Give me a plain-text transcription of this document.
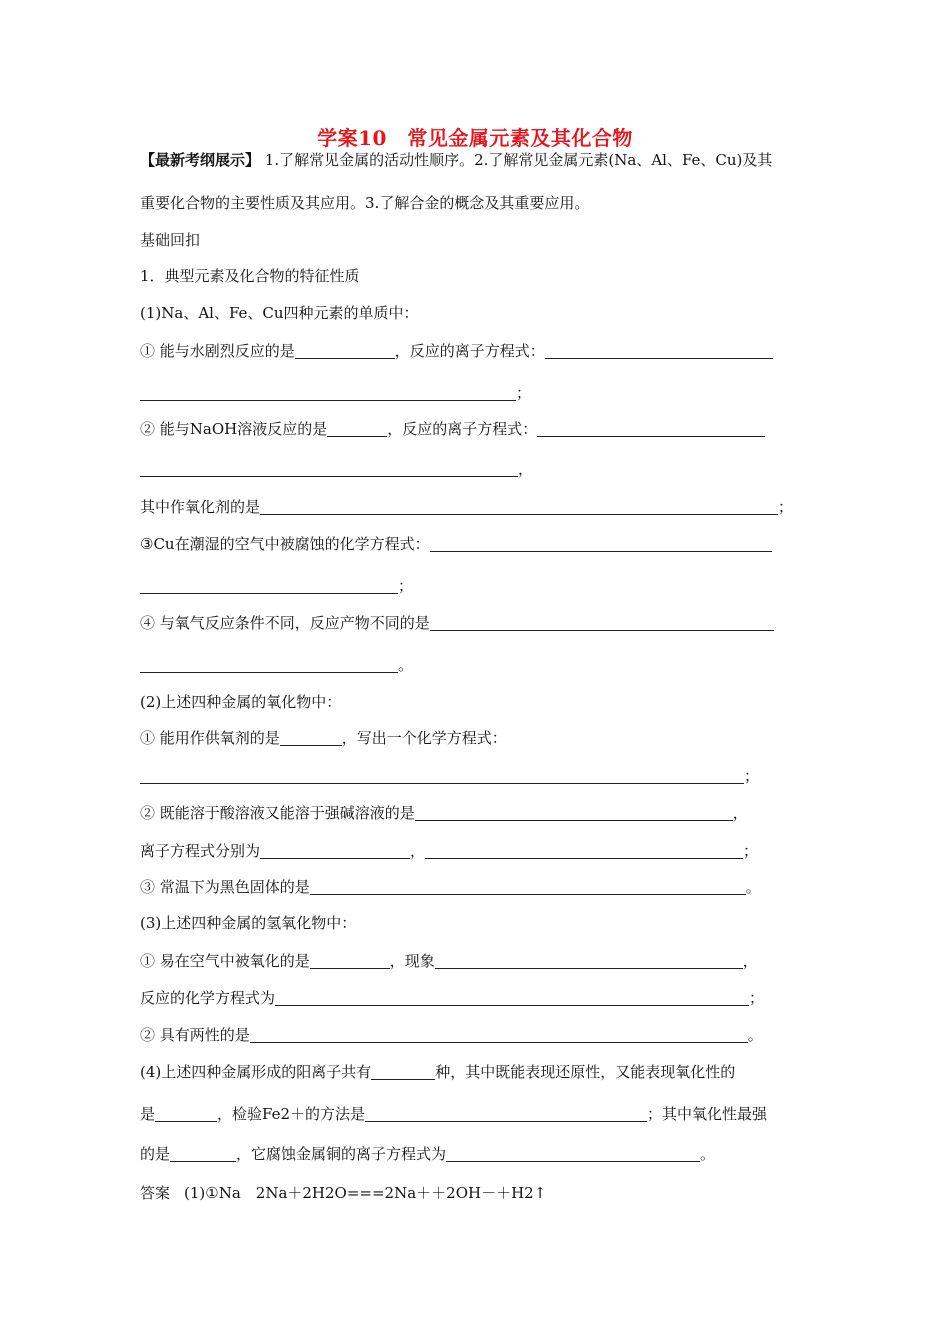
学案10　常见金属元素及其化合物
【最新考纲展示】 1.了解常见金属的活动性顺序。2.了解常见金属元素(Na、Al、Fe、Cu)及其
重要化合物的主要性质及其应用。3.了解合金的概念及其重要应用。
基础回扣
1．典型元素及化合物的特征性质
(1)Na、Al、Fe、Cu四种元素的单质中：
① 能与水剧烈反应的是	，反应的离子方程式：
；
② 能与NaOH溶液反应的是	，反应的离子方程式：
，
其中作氧化剂的是	；
③Cu在潮湿的空气中被腐蚀的化学方程式：
；
④ 与氧气反应条件不同，反应产物不同的是
。
(2)上述四种金属的氧化物中：
① 能用作供氧剂的是	，写出一个化学方程式：
；
② 既能溶于酸溶液又能溶于强碱溶液的是	，
离子方程式分别为	，	；
③ 常温下为黑色固体的是	。
(3)上述四种金属的氢氧化物中：
① 易在空气中被氧化的是	，现象	，
反应的化学方程式为	；
② 具有两性的是	。
(4)上述四种金属形成的阳离子共有	种，其中既能表现还原性，又能表现氧化性的
是	，检验Fe2＋的方法是	；其中氧化性最强
的是	，它腐蚀金属铜的离子方程式为	。
答案 (1)①Na　2Na＋2H2O===2Na＋＋2OH－＋H2↑
